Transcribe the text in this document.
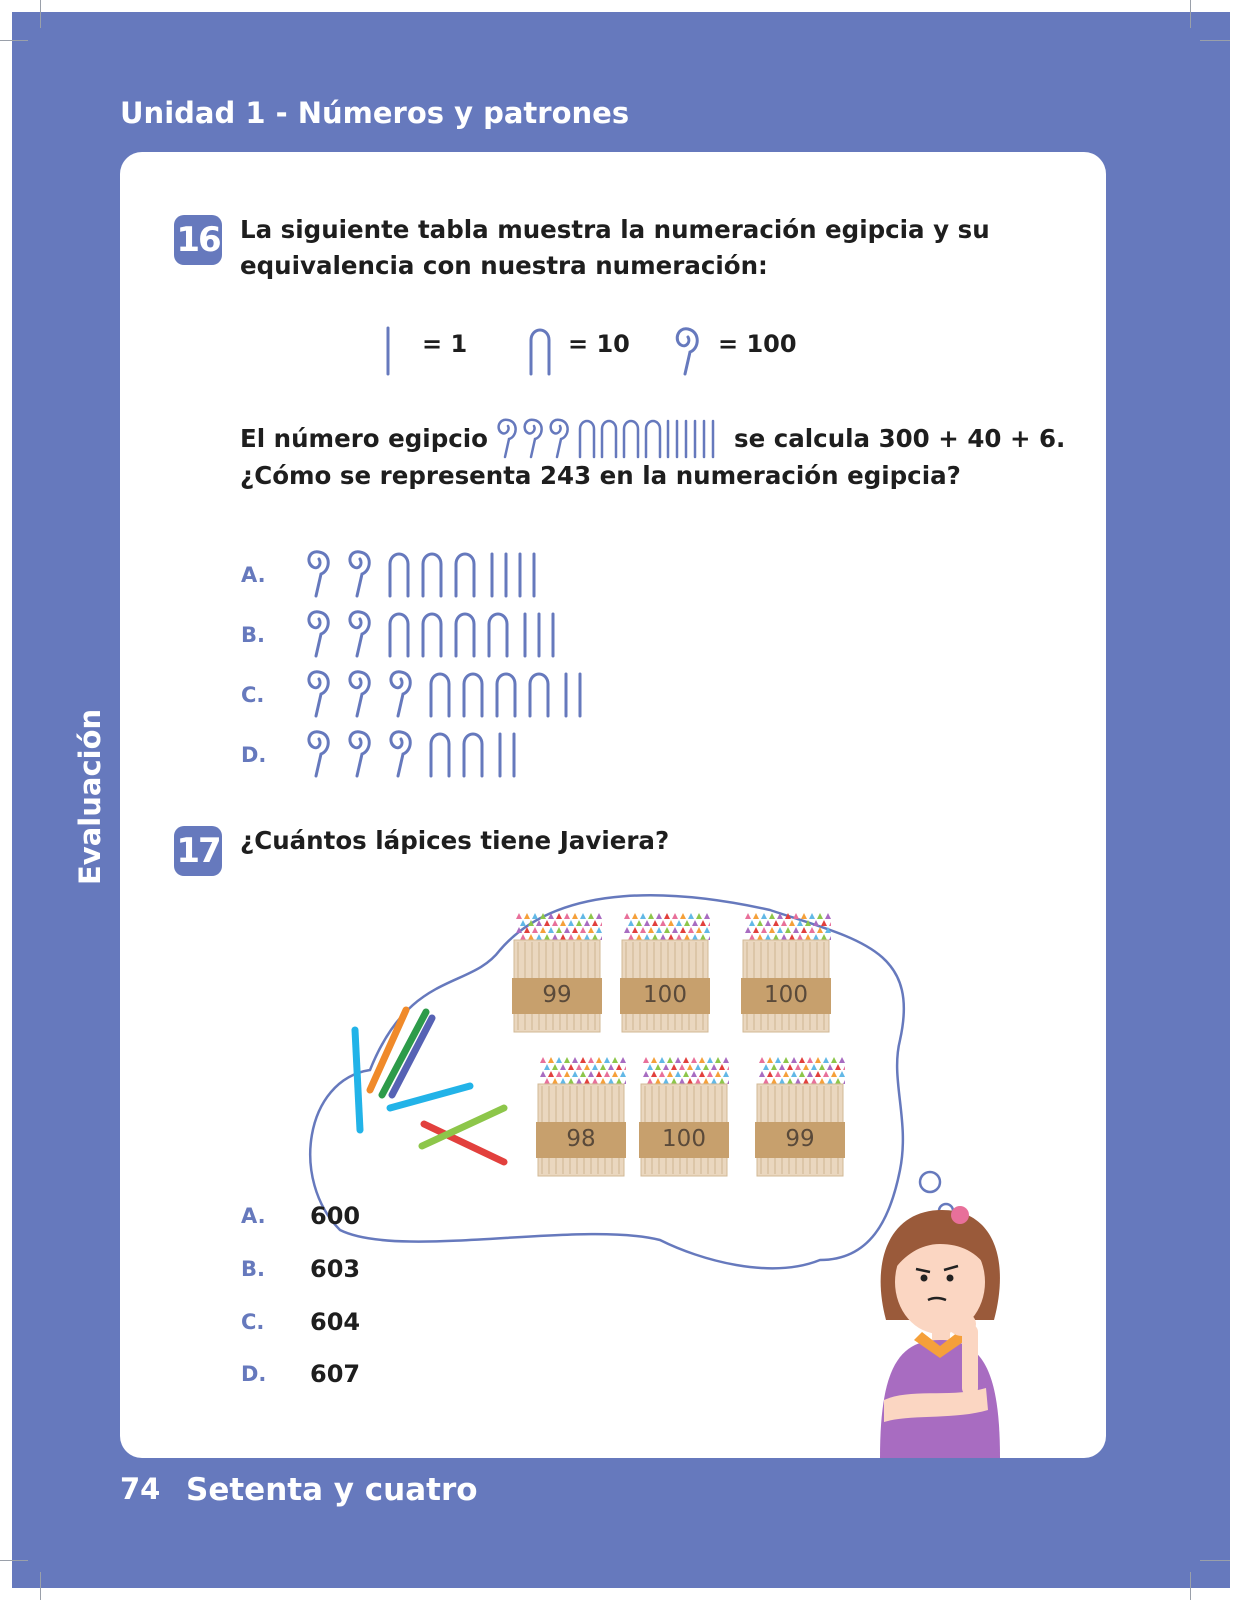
Unidad 1 - Números y patrones
Evaluación
16 La siguiente tabla muestra la numeración egipcia y su
equivalencia con nuestra numeración:
= 1	= 10	= 100
El número egipcio	se calcula 300 + 40 + 6.
¿Cómo se representa 243 en la numeración egipcia?
A.
B.
C.
D.
17 ¿Cuántos lápices tiene Javiera?
99	100	100
98	100	99
A. 600
B. 603
C. 604
D. 607
74 Setenta y cuatro
